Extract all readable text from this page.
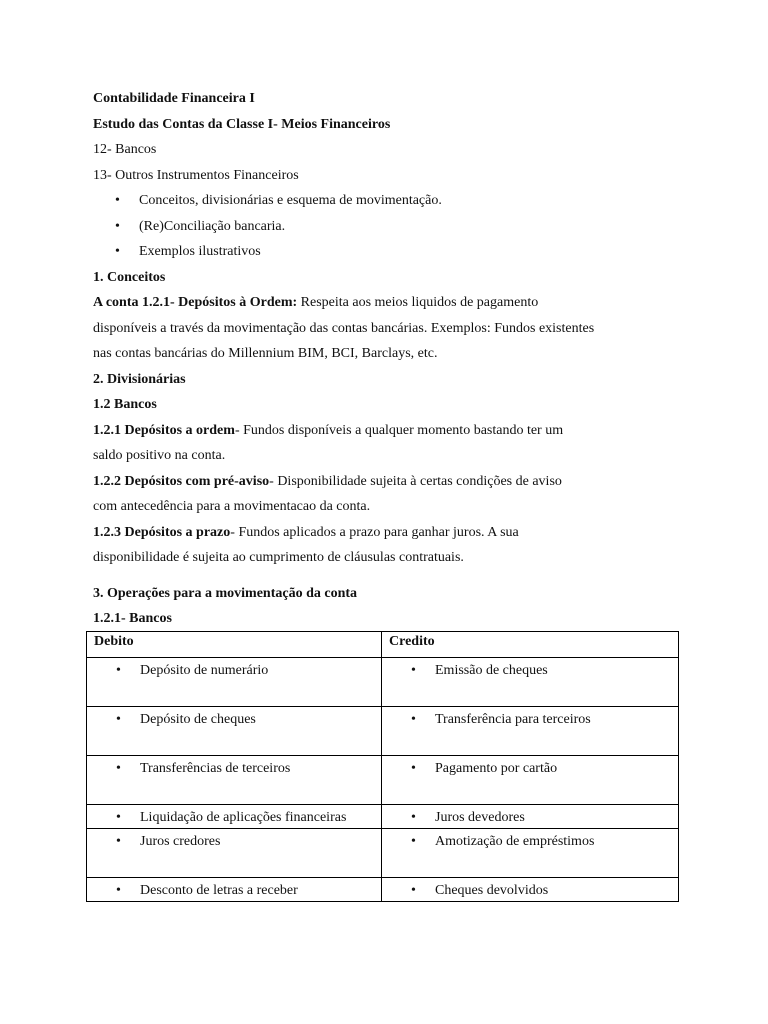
Contabilidade Financeira I
Estudo das Contas da Classe I- Meios Financeiros
12- Bancos
13- Outros Instrumentos Financeiros
• Conceitos, divisionárias e esquema de movimentação.
• (Re)Conciliação bancaria.
• Exemplos ilustrativos
1. Conceitos
A conta 1.2.1- Depósitos à Ordem: Respeita aos meios liquidos de pagamento
disponíveis a través da movimentação das contas bancárias. Exemplos: Fundos existentes
nas contas bancárias do Millennium BIM, BCI, Barclays, etc.
2. Divisionárias
1.2 Bancos
1.2.1 Depósitos a ordem- Fundos disponíveis a qualquer momento bastando ter um
saldo positivo na conta.
1.2.2 Depósitos com pré-aviso- Disponibilidade sujeita à certas condições de aviso
com antecedência para a movimentacao da conta.
1.2.3 Depósitos a prazo- Fundos aplicados a prazo para ganhar juros. A sua
disponibilidade é sujeita ao cumprimento de cláusulas contratuais.
3. Operações para a movimentação da conta
1.2.1- Bancos
Debito	Credito

• Depósito de numerário	• Emissão de cheques

• Depósito de cheques	• Transferência para terceiros

• Transferências de terceiros	• Pagamento por cartão

• Liquidação de aplicações financeiras	• Juros devedores

• Juros credores	• Amotização de empréstimos

• Desconto de letras a receber	• Cheques devolvidos
